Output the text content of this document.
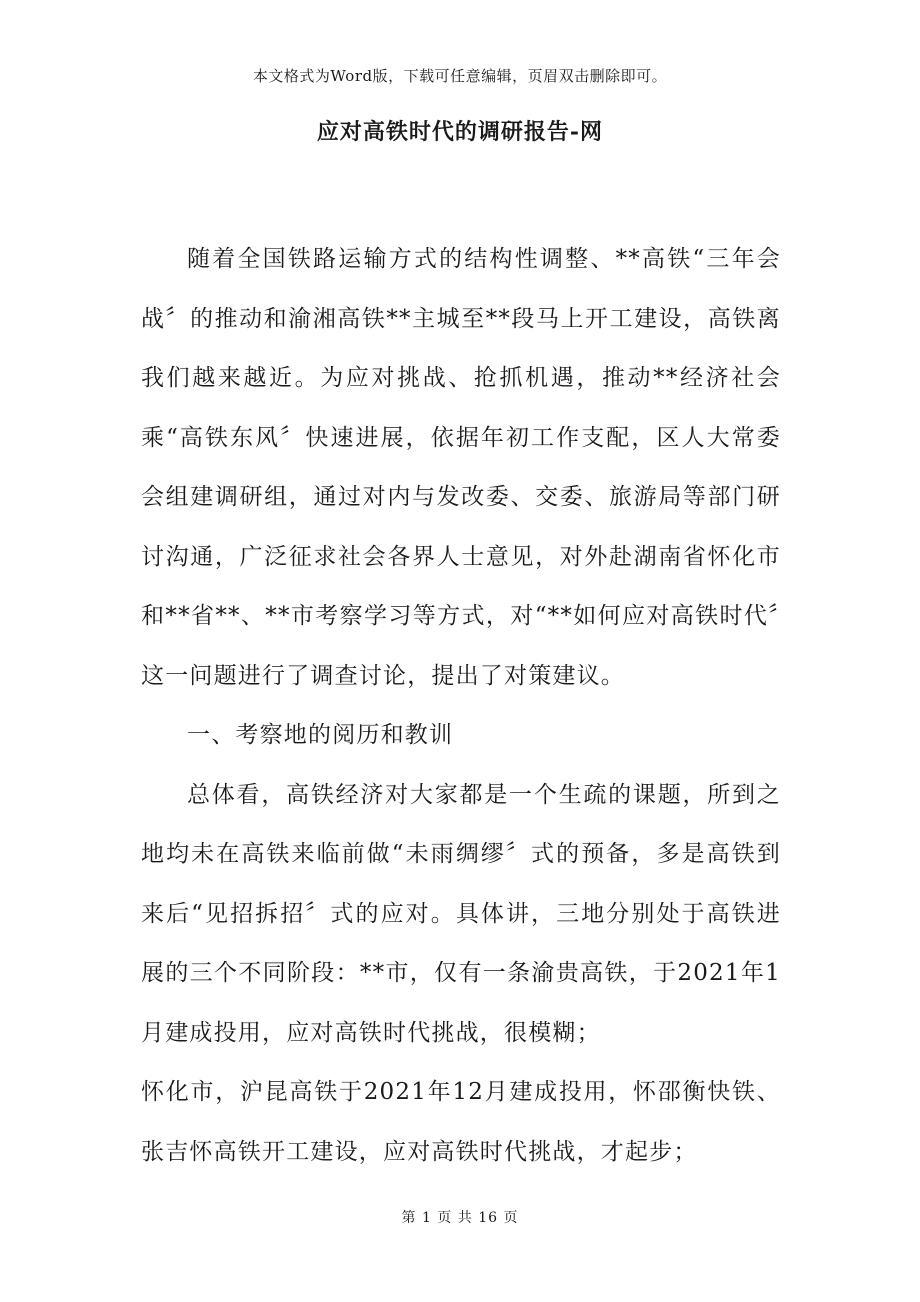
本文格式为Word版，下载可任意编辑，页眉双击删除即可。
应对高铁时代的调研报告-网

随着全国铁路运输方式的结构性调整、**高铁“三年会战〞的推动和渝湘高铁**主城至**段马上开工建设，高铁离我们越来越近。为应对挑战、抢抓机遇，推动**经济社会乘“高铁东风〞快速进展，依据年初工作支配，区人大常委会组建调研组，通过对内与发改委、交委、旅游局等部门研讨沟通，广泛征求社会各界人士意见，对外赴湖南省怀化市和**省**、**市考察学习等方式，对“**如何应对高铁时代〞这一问题进行了调查讨论，提出了对策建议。

一、考察地的阅历和教训

总体看，高铁经济对大家都是一个生疏的课题，所到之地均未在高铁来临前做“未雨绸缪〞式的预备，多是高铁到来后“见招拆招〞式的应对。具体讲，三地分别处于高铁进展的三个不同阶段：**市，仅有一条渝贵高铁，于2021年1月建成投用，应对高铁时代挑战，很模糊；

怀化市，沪昆高铁于2021年12月建成投用，怀邵衡快铁、张吉怀高铁开工建设，应对高铁时代挑战，才起步；

第 1 页 共 16 页
